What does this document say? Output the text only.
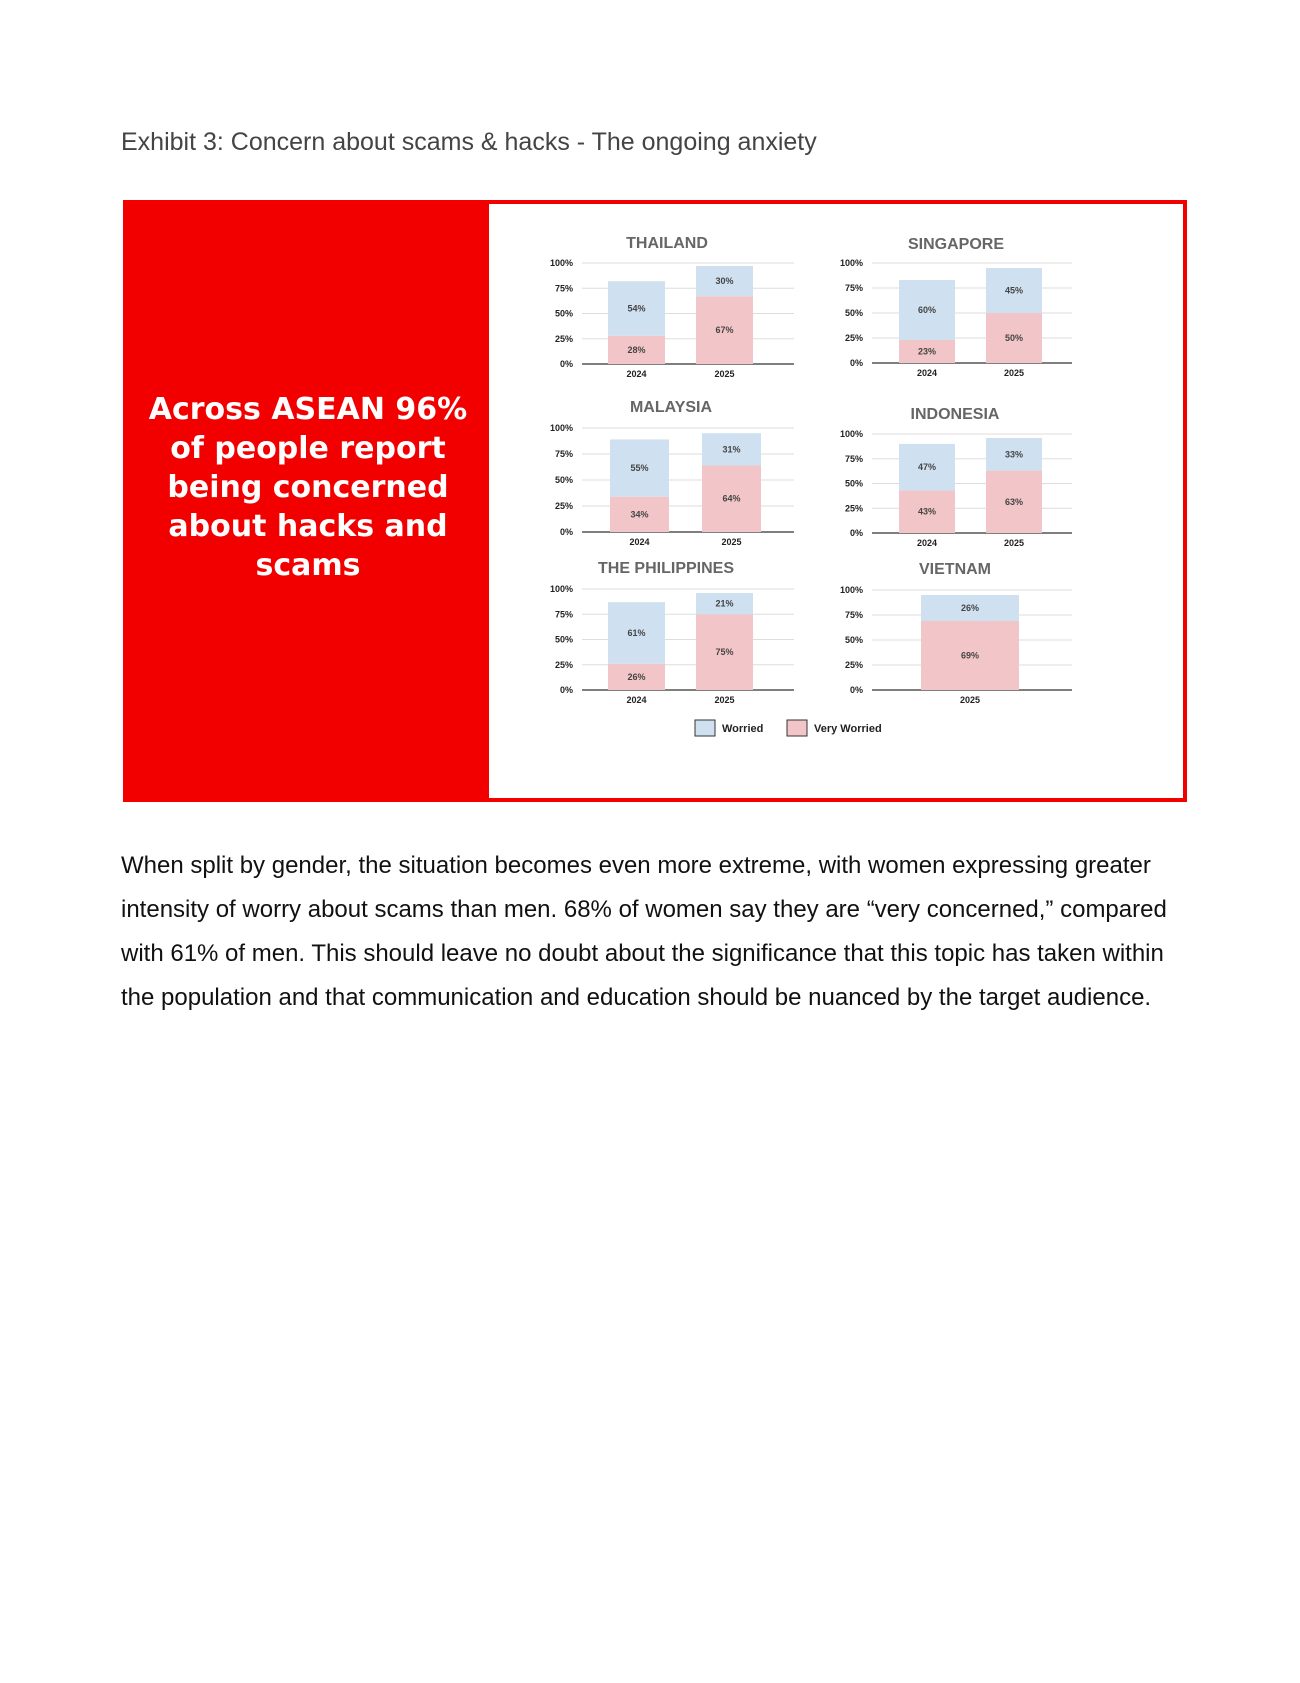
Exhibit 3: Concern about scams & hacks - The ongoing anxiety
Across ASEAN 96% of people report being concerned about hacks and scams
THAILAND
100%
75%
50%
25%
0%
28%
54%
2024
67%
30%
2025
SINGAPORE
100%
75%
50%
25%
0%
23%
60%
2024
50%
45%
2025
MALAYSIA
100%
75%
50%
25%
0%
34%
55%
2024
64%
31%
2025
INDONESIA
100%
75%
50%
25%
0%
43%
47%
2024
63%
33%
2025
THE PHILIPPINES
100%
75%
50%
25%
0%
26%
61%
2024
75%
21%
2025
VIETNAM
100%
75%
50%
25%
0%
69%
26%
2025
Worried	Very Worried
When split by gender, the situation becomes even more extreme, with women expressing greater intensity of worry about scams than men. 68% of women say they are “very concerned,” compared with 61% of men. This should leave no doubt about the significance that this topic has taken within the population and that communication and education should be nuanced by the target audience.
